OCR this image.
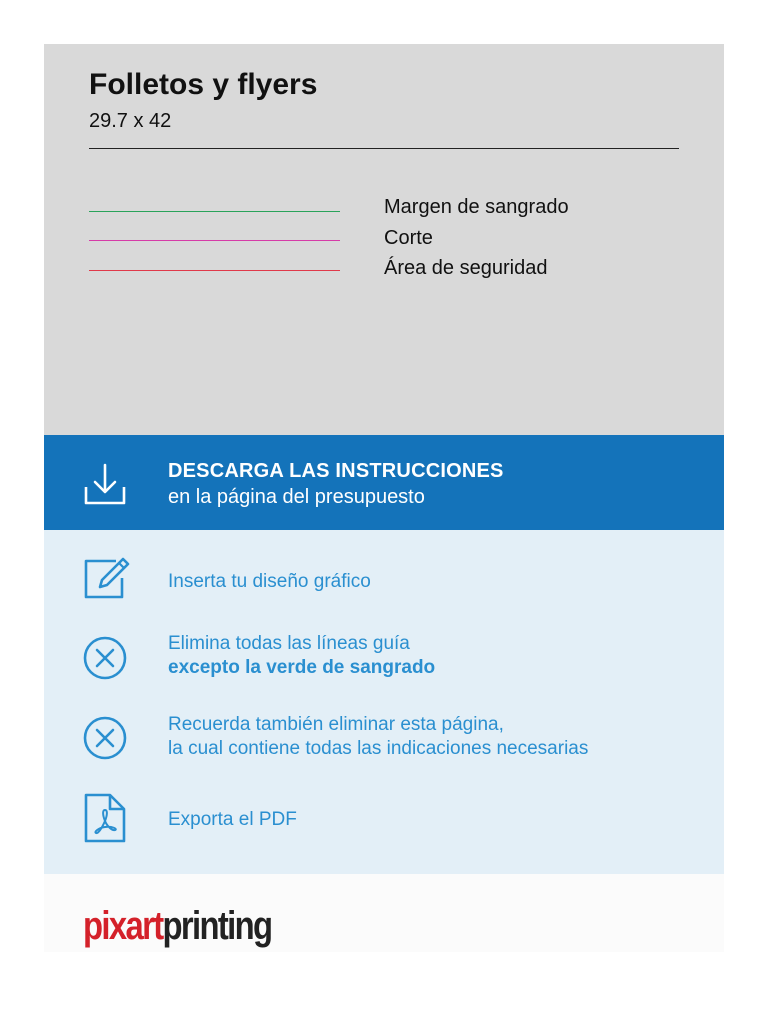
Folletos y flyers
29.7 x 42
Margen de sangrado
Corte
Área de seguridad
DESCARGA LAS INSTRUCCIONES
en la página del presupuesto
Inserta tu diseño gráfico
Elimina todas las líneas guía
excepto la verde de sangrado
Recuerda también eliminar esta página,
la cual contiene todas las indicaciones necesarias
Exporta el PDF
pixartprinting
